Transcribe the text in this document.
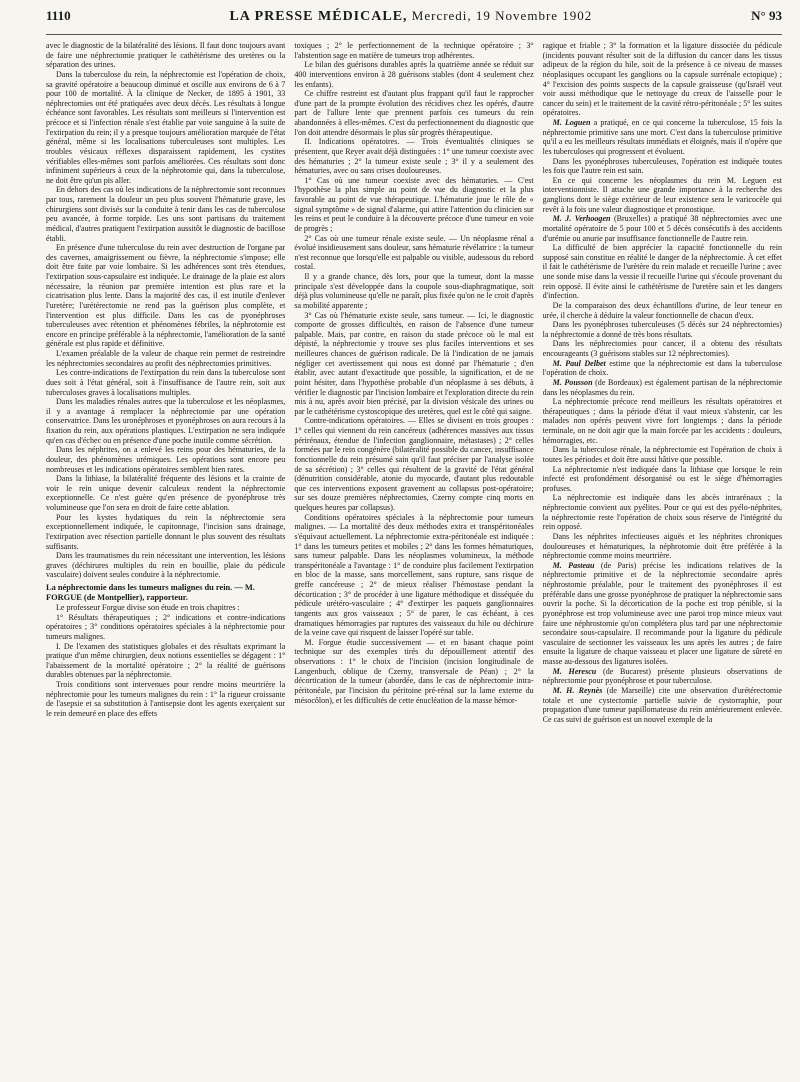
1110	LA PRESSE MÉDICALE, Mercredi, 19 Novembre 1902	N° 93

avec le diagnostic de la bilatéralité des lésions. Il faut donc toujours avant de faire une néphrectomie pratiquer le cathétérisme des uretères ou la séparation des urines.

Dans la tuberculose du rein, la néphrectomie est l'opération de choix, sa gravité opératoire a beaucoup diminué et oscille aux environs de 6 à 7 pour 100 de mortalité. À la clinique de Necker, de 1895 à 1901, 33 néphrectomies ont été pratiquées avec deux décès. Les résultats à longue échéance sont favorables. Les résultats sont meilleurs si l'intervention est précoce et si l'infection rénale s'est établie par voie sanguine à la suite de l'extirpation du rein; il y a presque toujours amélioration marquée de l'état général, même si les localisations tuberculeuses sont multiples. Les troubles vésicaux réflexes disparaissent rapidement, les cystites vérifiables elles-mêmes sont parfois améliorées. Ces résultats sont donc infiniment supérieurs à ceux de la néphrotomie qui, dans la tuberculose, ne doit être qu'un pis aller.

En dehors des cas où les indications de la néphrectomie sont reconnues par tous, rarement la douleur un peu plus souvent l'hématurie grave, les chirurgiens sont divisés sur la conduite à tenir dans les cas de tuberculose peu avancée, à forme torpide. Les uns sont partisans du traitement médical, d'autres pratiquent l'extirpation aussitôt le diagnostic de bacillose établi.

En présence d'une tuberculose du rein avec destruction de l'organe par des cavernes, amaigrissement ou fièvre, la néphrectomie s'impose; elle doit être faite par voie lombaire. Si les adhérences sont très étendues, l'extirpation sous-capsulaire est indiquée. Le drainage de la plaie est alors nécessaire, la réunion par première intention est plus rare et la cicatrisation plus lente. Dans la majorité des cas, il est inutile d'enlever l'uretère; l'urétérectomie ne rend pas la guérison plus complète, et l'intervention est plus difficile. Dans les cas de pyonéphroses tuberculeuses avec rétention et phénomènes fébriles, la néphrotomie est encore en principe préférable à la néphrectomie, l'amélioration de la santé générale est plus rapide et définitive.

L'examen préalable de la valeur de chaque rein permet de restreindre les néphrectomies secondaires au profit des néphrectomies primitives.

Les contre-indications de l'extirpation du rein dans la tuberculose sont dues soit à l'état général, soit à l'insuffisance de l'autre rein, soit aux tuberculoses graves à localisations multiples.

Dans les maladies rénales autres que la tuberculose et les néoplasmes, il y a avantage à remplacer la néphrectomie par une opération conservatrice. Dans les uronéphroses et pyonéphroses on aura recours à la fixation du rein, aux opérations plastiques. L'extirpation ne sera indiquée qu'en cas d'échec ou en présence d'une poche inutile comme sécrétion.

Dans les néphrites, on a enlevé les reins pour des hématuries, de la douleur, des phénomènes urémiques. Les opérations sont encore peu nombreuses et les indications opératoires semblent bien rares.

Dans la lithiase, la bilatéralité fréquente des lésions et la crainte de voir le rein unique devenir calculeux rendent la néphrectomie exceptionnelle. Ce n'est guère qu'en présence de pyonéphrose très volumineuse que l'on sera en droit de faire cette ablation.

Pour les kystes hydatiques du rein la néphrectomie sera exceptionnellement indiquée, le capitonnage, l'incision sans drainage, l'extirpation avec résection partielle donnant le plus souvent des résultats suffisants.

Dans les traumatismes du rein nécessitant une intervention, les lésions graves (déchirures multiples du rein en bouillie, plaie du pédicule vasculaire) doivent seules conduire à la néphrectomie.

La néphrectomie dans les tumeurs malignes du rein. — M. FORGUE (de Montpellier), rapporteur.

Le professeur Forgue divise son étude en trois chapitres :

1° Résultats thérapeutiques ; 2° indications et contre-indications opératoires ; 3° conditions opératoires spéciales à la néphrectomie pour tumeurs malignes.

I. De l'examen des statistiques globales et des résultats exprimant la pratique d'un même chirurgien, deux notions essentielles se dégagent : 1° l'abaissement de la mortalité opératoire ; 2° la réalité de guérisons durables obtenues par la néphrectomie.

Trois conditions sont intervenues pour rendre moins meurtrière la néphrectomie pour les tumeurs malignes du rein : 1° la rigueur croissante de l'asepsie et sa substitution à l'antisepsie dont les agents exerçaient sur le rein demeuré en place des effets

toxiques ; 2° le perfectionnement de la technique opératoire ; 3° l'abstention sage en matière de tumeurs trop adhérentes.

Le bilan des guérisons durables après la quatrième année se réduit sur 400 interventions environ à 28 guérisons stables (dont 4 seulement chez les enfants).

Ce chiffre restreint est d'autant plus frappant qu'il faut le rapprocher d'une part de la prompte évolution des récidives chez les opérés, d'autre part de l'allure lente que prennent parfois ces tumeurs du rein abandonnées à elles-mêmes. C'est du perfectionnement du diagnostic que l'on doit attendre désormais le plus sûr progrès thérapeutique.

II. Indications opératoires. — Trois éventualités cliniques se présentent, que Reyer avait déjà distinguées : 1° une tumeur coexiste avec des hématuries ; 2° la tumeur existe seule ; 3° il y a seulement des hématuries, avec ou sans crises douloureuses.

1° Cas où une tumeur coexiste avec des hématuries. — C'est l'hypothèse la plus simple au point de vue du diagnostic et la plus favorable au point de vue thérapeutique. L'hématurie joue le rôle de « signal symptôme » de signal d'alarme, qui attire l'attention du clinicien sur les reins et peut le conduire à la découverte précoce d'une tumeur en voie de progrès ;

2° Cas où une tumeur rénale existe seule. — Un néoplasme rénal a évolué insidieusement sans douleur, sans hématurie révélatrice : la tumeur n'est reconnue que lorsqu'elle est palpable ou visible, audessous du rebord costal.

Il y a grande chance, dès lors, pour que la tumeur, dont la masse principale s'est développée dans la coupole sous-diaphragmatique, soit déjà plus volumineuse qu'elle ne paraît, plus fixée qu'on ne le croit d'après sa mobilité apparente ;

3° Cas où l'hématurie existe seule, sans tumeur. — Ici, le diagnostic comporte de grosses difficultés, en raison de l'absence d'une tumeur palpable. Mais, par contre, en raison du stade précoce où le mal est dépisté, la néphrectomie y trouve ses plus faciles interventions et ses meilleures chances de guérison radicale. De là l'indication de ne jamais négliger cet avertissement qui nous est donné par l'hématurie ; d'en établir, avec autant d'exactitude que possible, la signification, et de ne point hésiter, dans l'hypothèse probable d'un néoplasme à ses débuts, à vérifier le diagnostic par l'incision lombaire et l'exploration directe du rein mis à nu, après avoir bien précisé, par la division vésicale des urines ou par le cathétérisme cystoscopique des uretères, quel est le côté qui saigne.

Contre-indications opératoires. — Elles se divisent en trois groupes : 1° celles qui viennent du rein cancéreux (adhérences massives aux tissus périrénaux, étendue de l'infection ganglionnaire, métastases) ; 2° celles formées par le rein congénère (bilatéralité possible du cancer, insuffisance fonctionnelle du rein présumé sain qu'il faut préciser par l'analyse isolée de sa sécrétion) ; 3° celles qui résultent de la gravité de l'état général (dénutrition considérable, atonie du myocarde, d'autant plus redoutable que ces interventions exposent gravement au collapsus post-opératoire; sur ses douze premières néphrectomies, Czerny compte cinq morts en quelques heures par collapsus).

Conditions opératoires spéciales à la néphrectomie pour tumeurs malignes. — La mortalité des deux méthodes extra et transpéritonéales s'équivaut actuellement. La néphrectomie extra-péritonéale est indiquée : 1° dans les tumeurs petites et mobiles ; 2° dans les formes hématuriques, sans tumeur palpable. Dans les néoplasmes volumineux, la méthode transpéritonéale a l'avantage : 1° de conduire plus facilement l'extirpation en bloc de la masse, sans morcellement, sans rupture, sans risque de greffe cancéreuse ; 2° de mieux réaliser l'hémostase pendant la décortication ; 3° de procéder à une ligature méthodique et disséquée du pédicule urétéro-vasculaire ; 4° d'extirper les paquets ganglionnaires tangents aux gros vaisseaux ; 5° de parer, le cas échéant, à ces dramatiques hémorragies par ruptures des vaisseaux du hile ou déchirure de la veine cave qui risquent de laisser l'opéré sur table.

M. Forgue étudie successivement — et en basant chaque point technique sur des exemples tirés du dépouillement attentif des observations : 1° le choix de l'incision (incision longitudinale de Langenbuch, oblique de Czerny, transversale de Péan) ; 2° la décortication de la tumeur (abordée, dans le cas de néphrectomie intra-péritonéale, par l'incision du péritoine pré-rénal sur la lame externe du mésocôlon), et les difficultés de cette énucléation de la masse hémor-

ragique et friable ; 3° la formation et la ligature dissociée du pédicule (incidents pouvant résulter soit de la diffusion du cancer dans les tissus adipeux de la région du hile, soit de la présence à ce niveau de masses néoplasiques occupant les ganglions ou la capsule surrénale ectopique) ; 4° l'excision des points suspects de la capsule graisseuse (qu'Israël veut voir aussi méthodique que le nettoyage du creux de l'aisselle pour le cancer du sein) et le traitement de la cavité rétro-péritonéale ; 5° les suites opératoires.

M. Loguen a pratiqué, en ce qui concerne la tuberculose, 15 fois la néphrectomie primitive sans une mort. C'est dans la tuberculose primitive qu'il a eu les meilleurs résultats immédiats et éloignés, mais il n'opère que les tuberculoses qui progressent et évoluent.

Dans les pyonéphroses tuberculeuses, l'opération est indiquée toutes les fois que l'autre rein est sain.

En ce qui concerne les néoplasmes du rein M. Leguen est interventionniste. Il attache une grande importance à la recherche des ganglions dont le siège extérieur de leur existence sera le varicocèle qui revêt à la fois une valeur diagnostique et pronostique.

M. J. Verhoogen (Bruxelles) a pratiqué 38 néphrectomies avec une mortalité opératoire de 5 pour 100 et 5 décès consécutifs à des accidents d'urémie ou anurie par insuffisance fonctionnelle de l'autre rein.

La difficulté de bien apprécier la capacité fonctionnelle du rein supposé sain constitue en réalité le danger de la néphrectomie. À cet effet il fait le cathétérisme de l'urètère du rein malade et recueille l'urine ; avec une sonde mise dans la vessie il recueille l'urine qui s'écoule provenant du rein opposé. Il évite ainsi le cathétérisme de l'uretère sain et les dangers d'infection.

De la comparaison des deux échantillons d'urine, de leur teneur en urée, il cherche à déduire la valeur fonctionnelle de chacun d'eux.

Dans les pyonéphroses tuberculeuses (5 décès sur 24 néphrectomies) la néphrectomie a donné de très bons résultats.

Dans les néphrectomies pour cancer, il a obtenu des résultats encourageants (3 guérisons stables sur 12 néphrectomies).

M. Paul Delbet estime que la néphrectomie est dans la tuberculose l'opération de choix.

M. Pousson (de Bordeaux) est également partisan de la néphrectomie dans les néoplasmes du rein.

La néphrectomie précoce rend meilleurs les résultats opératoires et thérapeutiques ; dans la période d'état il vaut mieux s'abstenir, car les malades non opérés peuvent vivre fort longtemps ; dans la période terminale, on ne doit agir que la main forcée par les accidents : douleurs, hémorragies, etc.

Dans la tuberculose rénale, la néphrectomie est l'opération de choix à toutes les périodes et doit être aussi hâtive que possible.

La néphrectomie n'est indiquée dans la lithiase que lorsque le rein infecté est profondément désorganisé ou est le siège d'hémorragies profuses.

La néphrectomie est indiquée dans les abcès intrarénaux ; la néphrectomie convient aux pyélites. Pour ce qui est des pyélo-néphrites, la néphrectomie reste l'opération de choix sous réserve de l'intégrité du rein opposé.

Dans les néphrites infectieuses aiguës et les néphrites chroniques douloureuses et hématuriques, la néphrotomie doit être préférée à la néphrectomie comme moins meurtrière.

M. Pasteau (de Paris) précise les indications relatives de la néphrectomie primitive et de la néphrectomie secondaire après néphrostomie préalable, pour le traitement des pyonéphroses il est préférable dans une grosse pyonéphrose de pratiquer la néphrectomie sans ouvrir la poche. Si la décortication de la poche est trop pénible, si la pyonéphrose est trop volumineuse avec une paroi trop mince mieux vaut faire une néphrostomie qu'on complétera plus tard par une néphrectomie secondaire sous-capsulaire. Il recommande pour la ligature du pédicule vasculaire de sectionner les vaisseaux les uns après les autres ; de faire ensuite la ligature de chaque vaisseau et placer une ligature de sûreté en masse au-dessous des ligatures isolées.

M. Herescu (de Bucarest) présente plusieurs observations de néphrectomie pour pyonéphrose et pour tuberculose.

M. H. Reynès (de Marseille) cite une observation d'urétérectomie totale et une cystectomie partielle suivie de cystorraphie, pour propagation d'une tumeur papillomateuse du rein antérieurement enlevée. Ce cas suivi de guérison est un nouvel exemple de la
